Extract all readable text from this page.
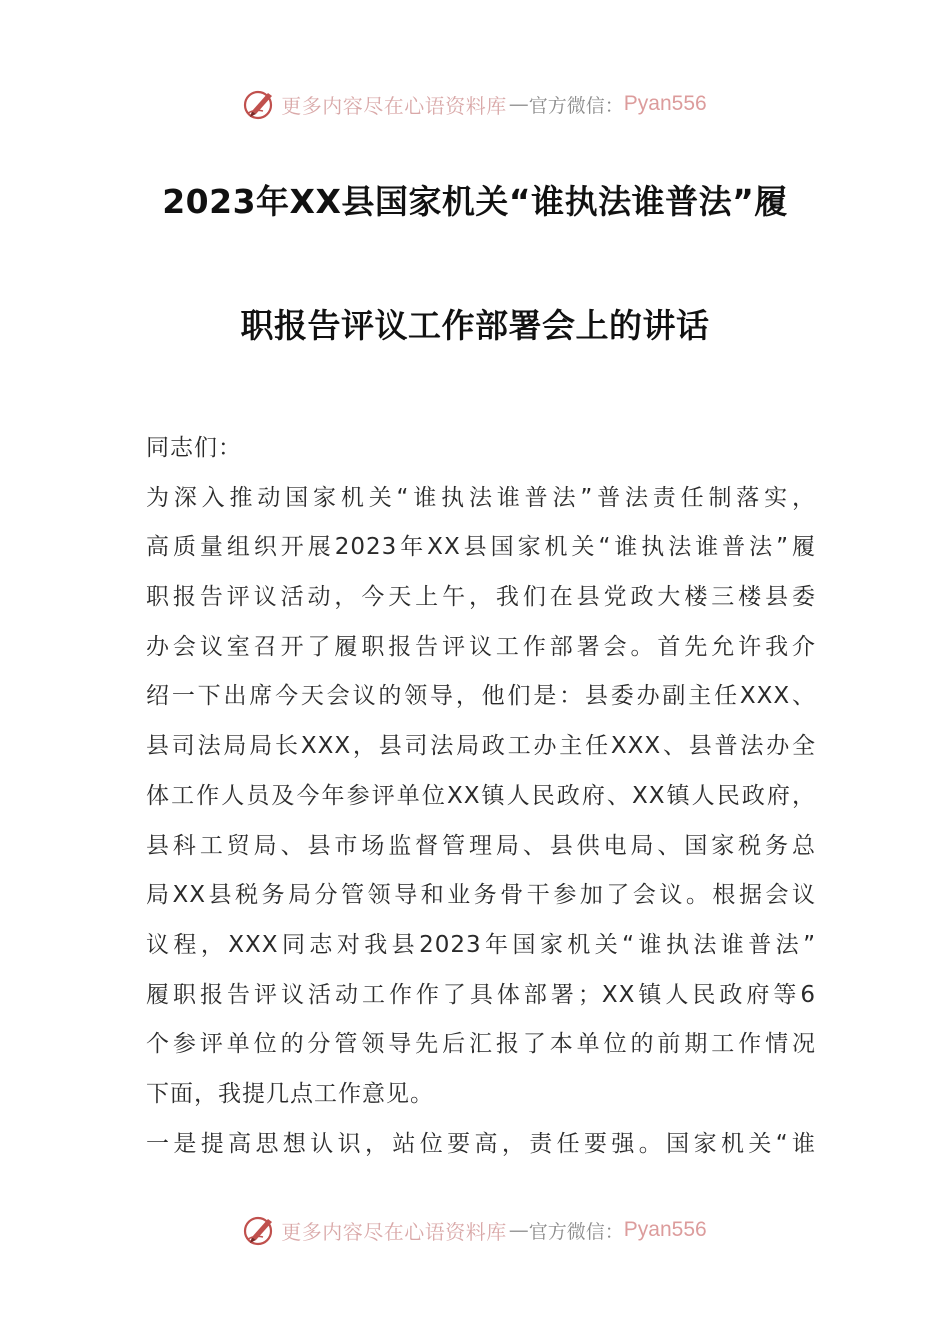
更多内容尽在心语资料库 — 官方微信： Pyan556
2023年XX县国家机关“谁执法谁普法”履
职报告评议工作部署会上的讲话
同志们：
为深入推动国家机关“谁执法谁普法”普法责任制落实，
高质量组织开展2023年XX县国家机关“谁执法谁普法”履
职报告评议活动，今天上午，我们在县党政大楼三楼县委
办会议室召开了履职报告评议工作部署会。首先允许我介
绍一下出席今天会议的领导，他们是：县委办副主任XXX、
县司法局局长XXX，县司法局政工办主任XXX、县普法办全
体工作人员及今年参评单位XX镇人民政府、XX镇人民政府，
县科工贸局、县市场监督管理局、县供电局、国家税务总
局XX县税务局分管领导和业务骨干参加了会议。根据会议
议程，XXX同志对我县2023年国家机关“谁执法谁普法”
履职报告评议活动工作作了具体部署；XX镇人民政府等6
个参评单位的分管领导先后汇报了本单位的前期工作情况
下面，我提几点工作意见。
一是提高思想认识，站位要高，责任要强。国家机关“谁
更多内容尽在心语资料库 — 官方微信： Pyan556
